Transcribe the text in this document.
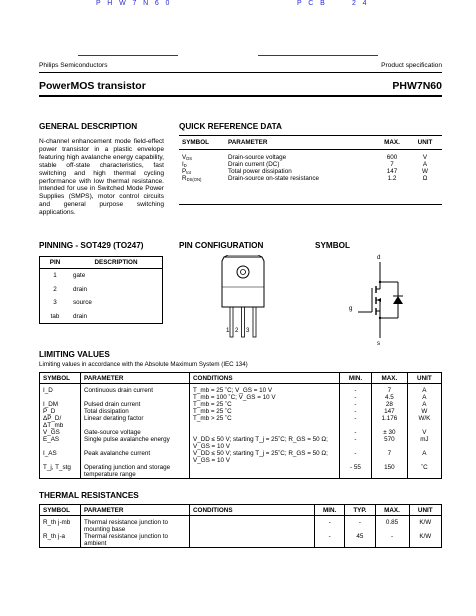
P H W 7 N 6 0	P C B	2 4
Philips Semiconductors	Product specification
PowerMOS transistor	PHW7N60
GENERAL DESCRIPTION
N-channel enhancement mode field-effect power transistor in a plastic envelope featuring high avalanche energy capability, stable off-state characteristics, fast switching and high thermal cycling performance with low thermal resistance. Intended for use in Switched Mode Power Supplies (SMPS), motor control circuits and general purpose switching applications.
QUICK REFERENCE DATA
SYMBOL	PARAMETER	MAX.	UNIT
$V_{DS}$	Drain-source voltage	600	V
$I_D$	Drain current (DC)	7	A
$P_{tot}$	Total power dissipation	147	W
$R_{DS(ON)}$	Drain-source on-state resistance	1.2	Ω
PINNING - SOT429 (TO247)
PIN	DESCRIPTION
1	gate
2	drain
3	source
tab	drain
PIN CONFIGURATION
1 2 3
SYMBOL
d
g
s
LIMITING VALUES
Limiting values in accordance with the Absolute Maximum System (IEC 134)
SYMBOL	PARAMETER	CONDITIONS	MIN.	MAX.	UNIT
I_D	Continuous drain current	T_mb = 25 ˚C; V_GS = 10 V	-	7	A
		T_mb = 100 ˚C; V_GS = 10 V	-	4.5	A
I_DM	Pulsed drain current	T_mb = 25 ˚C	-	28	A
P_D	Total dissipation	T_mb = 25 ˚C	-	147	W
ΔP_D/ΔT_mb	Linear derating factor	T_mb > 25 ˚C	-	1.176	W/K
V_GS	Gate-source voltage		-	± 30	V
E_AS	Single pulse avalanche energy	V_DD ≤ 50 V; starting T_j = 25˚C; R_GS = 50 Ω; V_GS = 10 V	-	570	mJ
I_AS	Peak avalanche current	V_DD ≤ 50 V; starting T_j = 25˚C; R_GS = 50 Ω; V_GS = 10 V	-	7	A
T_j, T_stg	Operating junction and storage temperature range		- 55	150	˚C
THERMAL RESISTANCES
SYMBOL	PARAMETER	CONDITIONS	MIN.	TYP.	MAX.	UNIT
R_th j-mb	Thermal resistance junction to mounting base		-	-	0.85	K/W
R_th j-a	Thermal resistance junction to ambient		-	45	-	K/W
